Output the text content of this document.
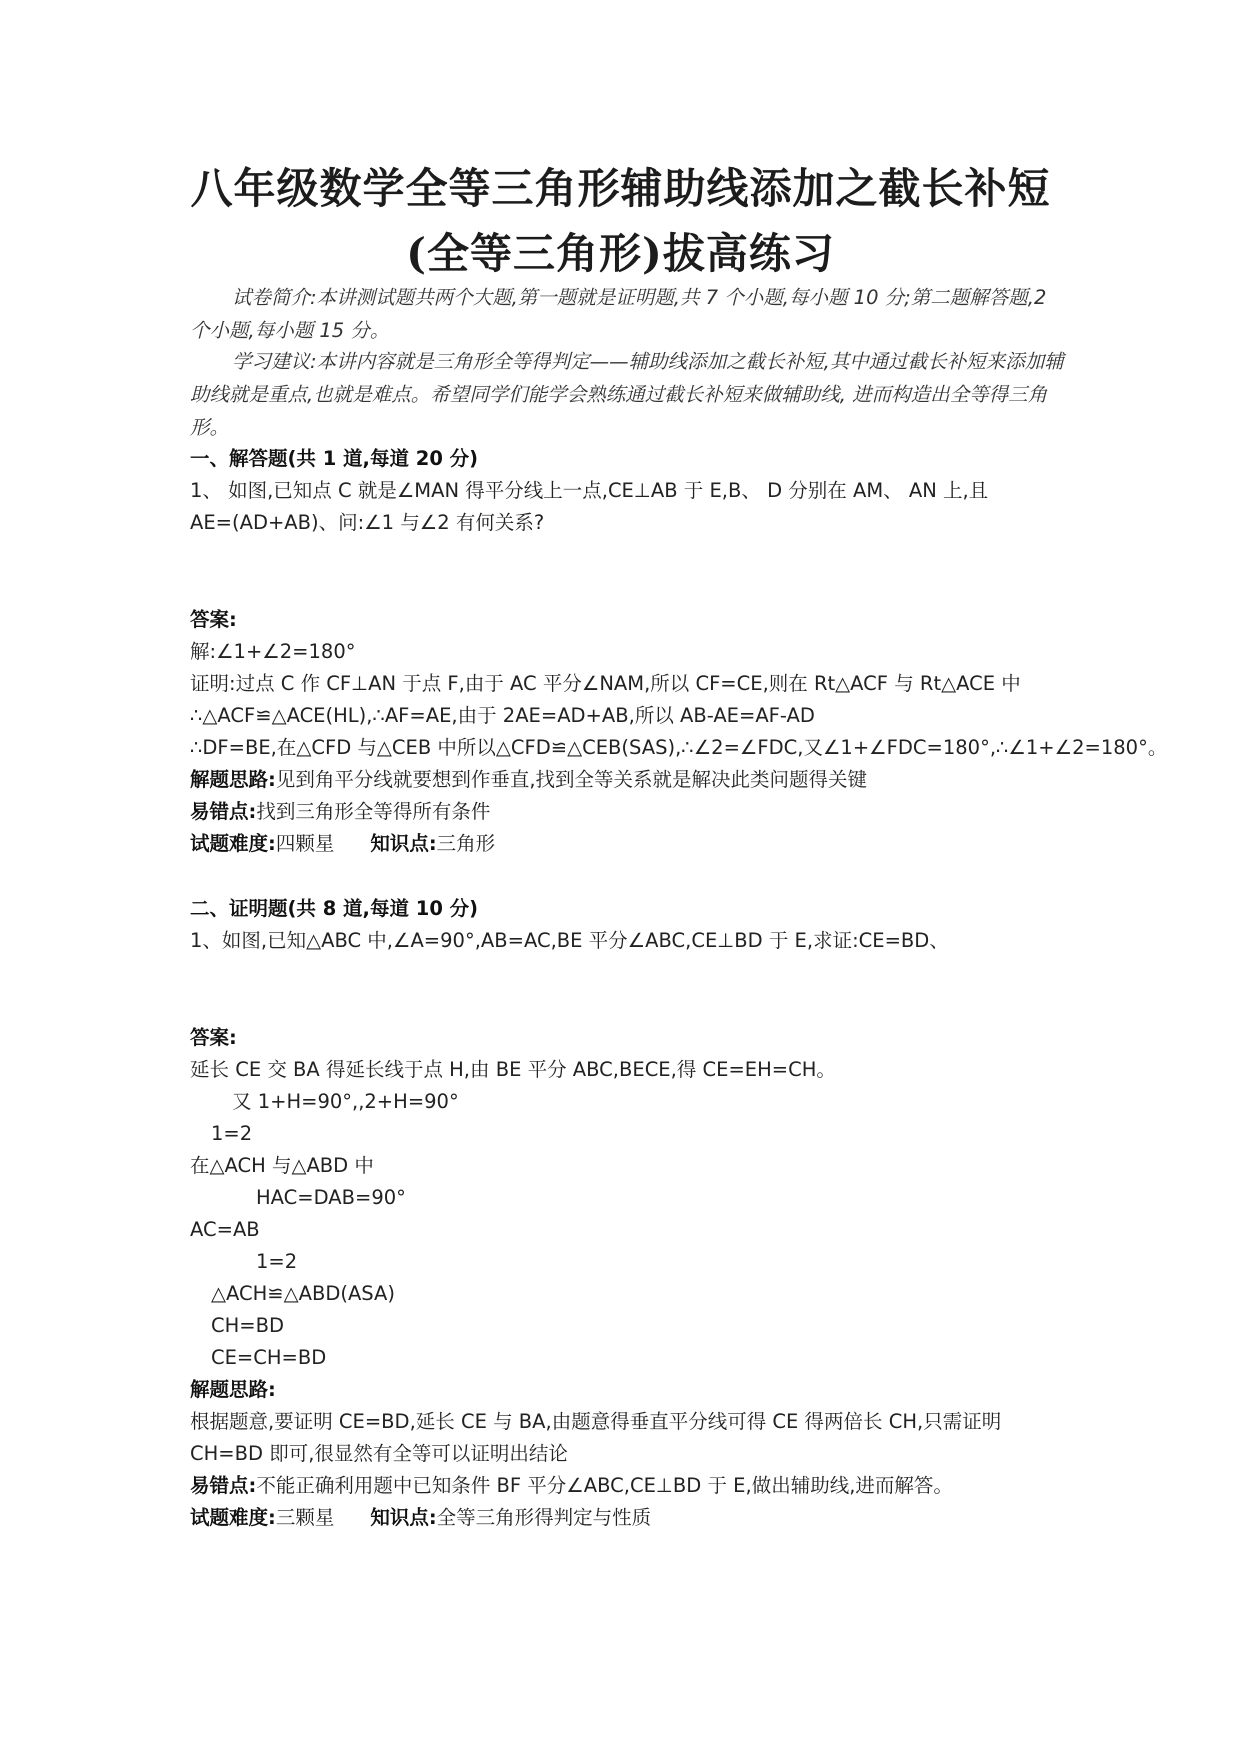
八年级数学全等三角形辅助线添加之截长补短
(全等三角形)拔高练习
试卷简介:本讲测试题共两个大题,第一题就是证明题,共 7 个小题,每小题 10 分;第二题解答题,2 个小题,每小题 15 分。
学习建议:本讲内容就是三角形全等得判定——辅助线添加之截长补短,其中通过截长补短来添加辅助线就是重点,也就是难点。希望同学们能学会熟练通过截长补短来做辅助线, 进而构造出全等得三角形。
一、解答题(共 1 道,每道 20 分)
1、 如图,已知点 C 就是∠MAN 得平分线上一点,CE⊥AB 于 E,B、 D 分别在 AM、 AN 上,且
AE=(AD+AB)、问:∠1 与∠2 有何关系?
答案:
解:∠1+∠2=180°
证明:过点 C 作 CF⊥AN 于点 F,由于 AC 平分∠NAM,所以 CF=CE,则在 Rt△ACF 与 Rt△ACE 中
∴△ACF≌△ACE(HL),∴AF=AE,由于 2AE=AD+AB,所以 AB-AE=AF-AD
∴DF=BE,在△CFD 与△CEB 中所以△CFD≌△CEB(SAS),∴∠2=∠FDC,又∠1+∠FDC=180°,∴∠1+∠2=180°。
解题思路:见到角平分线就要想到作垂直,找到全等关系就是解决此类问题得关键
易错点:找到三角形全等得所有条件
试题难度:四颗星 知识点:三角形
二、证明题(共 8 道,每道 10 分)
1、如图,已知△ABC 中,∠A=90°,AB=AC,BE 平分∠ABC,CE⊥BD 于 E,求证:CE=BD、
答案:
延长 CE 交 BA 得延长线于点 H,由 BE 平分 ABC,BECE,得 CE=EH=CH。
又 1+H=90°,,2+H=90°
1=2
在△ACH 与△ABD 中
HAC=DAB=90°
AC=AB
1=2
△ACH≌△ABD(ASA)
CH=BD
CE=CH=BD
解题思路:
根据题意,要证明 CE=BD,延长 CE 与 BA,由题意得垂直平分线可得 CE 得两倍长 CH,只需证明
CH=BD 即可,很显然有全等可以证明出结论
易错点:不能正确利用题中已知条件 BF 平分∠ABC,CE⊥BD 于 E,做出辅助线,进而解答。
试题难度:三颗星 知识点:全等三角形得判定与性质
